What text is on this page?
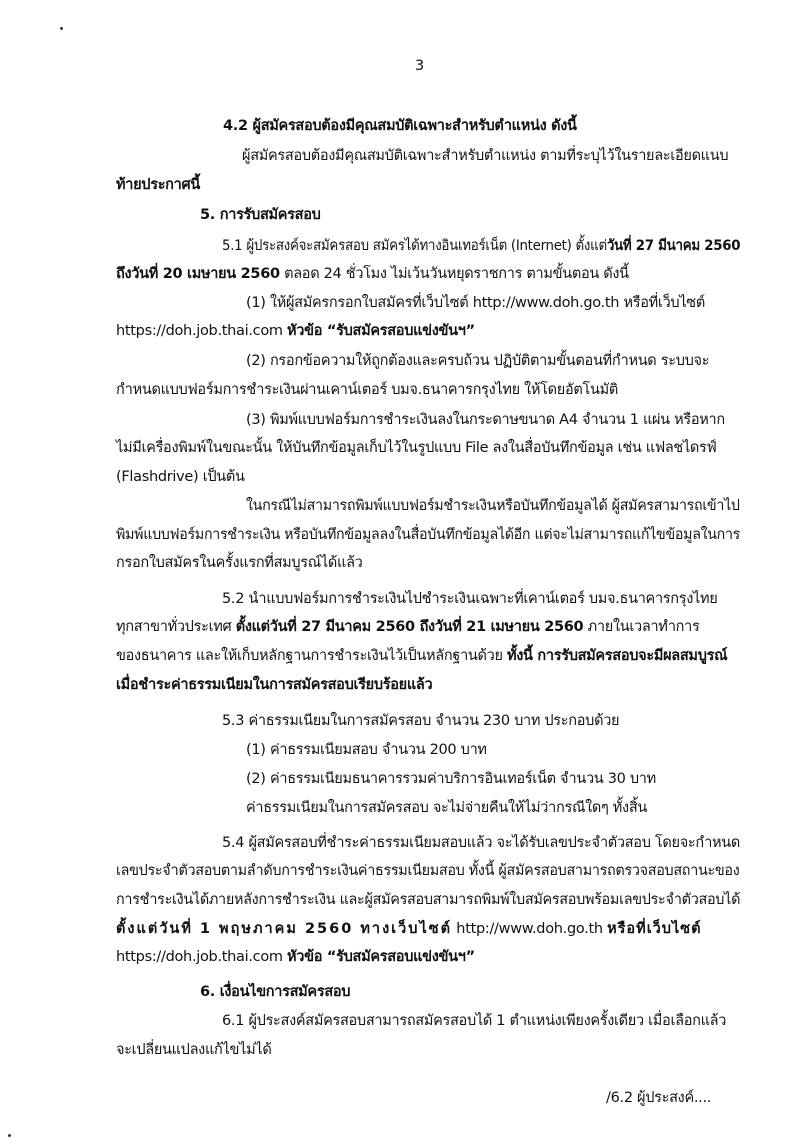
3
4.2 ผู้สมัครสอบต้องมีคุณสมบัติเฉพาะสำหรับตำแหน่ง ดังนี้
ผู้สมัครสอบต้องมีคุณสมบัติเฉพาะสำหรับตำแหน่ง ตามที่ระบุไว้ในรายละเอียดแนบ
ท้ายประกาศนี้
5. การรับสมัครสอบ
5.1 ผู้ประสงค์จะสมัครสอบ สมัครได้ทางอินเทอร์เน็ต (Internet) ตั้งแต่วันที่ 27 มีนาคม 2560
ถึงวันที่ 20 เมษายน 2560 ตลอด 24 ชั่วโมง ไม่เว้นวันหยุดราชการ ตามขั้นตอน ดังนี้
(1) ให้ผู้สมัครกรอกใบสมัครที่เว็บไซต์ http://www.doh.go.th หรือที่เว็บไซต์
https://doh.job.thai.com หัวข้อ “รับสมัครสอบแข่งขันฯ”
(2) กรอกข้อความให้ถูกต้องและครบถ้วน ปฏิบัติตามขั้นตอนที่กำหนด ระบบจะ
กำหนดแบบฟอร์มการชำระเงินผ่านเคาน์เตอร์ บมจ.ธนาคารกรุงไทย ให้โดยอัตโนมัติ
(3) พิมพ์แบบฟอร์มการชำระเงินลงในกระดาษขนาด A4 จำนวน 1 แผ่น หรือหาก
ไม่มีเครื่องพิมพ์ในขณะนั้น ให้บันทึกข้อมูลเก็บไว้ในรูปแบบ File ลงในสื่อบันทึกข้อมูล เช่น แฟลชไดรฟ์
(Flashdrive) เป็นต้น
ในกรณีไม่สามารถพิมพ์แบบฟอร์มชำระเงินหรือบันทึกข้อมูลได้ ผู้สมัครสามารถเข้าไป
พิมพ์แบบฟอร์มการชำระเงิน หรือบันทึกข้อมูลลงในสื่อบันทึกข้อมูลได้อีก แต่จะไม่สามารถแก้ไขข้อมูลในการ
กรอกใบสมัครในครั้งแรกที่สมบูรณ์ได้แล้ว
5.2 นำแบบฟอร์มการชำระเงินไปชำระเงินเฉพาะที่เคาน์เตอร์ บมจ.ธนาคารกรุงไทย
ทุกสาขาทั่วประเทศ ตั้งแต่วันที่ 27 มีนาคม 2560 ถึงวันที่ 21 เมษายน 2560 ภายในเวลาทำการ
ของธนาคาร และให้เก็บหลักฐานการชำระเงินไว้เป็นหลักฐานด้วย ทั้งนี้ การรับสมัครสอบจะมีผลสมบูรณ์
เมื่อชำระค่าธรรมเนียมในการสมัครสอบเรียบร้อยแล้ว
5.3 ค่าธรรมเนียมในการสมัครสอบ จำนวน 230 บาท ประกอบด้วย
(1) ค่าธรรมเนียมสอบ จำนวน 200 บาท
(2) ค่าธรรมเนียมธนาคารรวมค่าบริการอินเทอร์เน็ต จำนวน 30 บาท
ค่าธรรมเนียมในการสมัครสอบ จะไม่จ่ายคืนให้ไม่ว่ากรณีใดๆ ทั้งสิ้น
5.4 ผู้สมัครสอบที่ชำระค่าธรรมเนียมสอบแล้ว จะได้รับเลขประจำตัวสอบ โดยจะกำหนด
เลขประจำตัวสอบตามลำดับการชำระเงินค่าธรรมเนียมสอบ ทั้งนี้ ผู้สมัครสอบสามารถตรวจสอบสถานะของ
การชำระเงินได้ภายหลังการชำระเงิน และผู้สมัครสอบสามารถพิมพ์ใบสมัครสอบพร้อมเลขประจำตัวสอบได้
ตั้งแต่วันที่ 1 พฤษภาคม 2560 ทางเว็บไซต์ http://www.doh.go.th หรือที่เว็บไซต์
https://doh.job.thai.com หัวข้อ “รับสมัครสอบแข่งขันฯ”
6. เงื่อนไขการสมัครสอบ
6.1 ผู้ประสงค์สมัครสอบสามารถสมัครสอบได้ 1 ตำแหน่งเพียงครั้งเดียว เมื่อเลือกแล้ว
จะเปลี่ยนแปลงแก้ไขไม่ได้
/6.2 ผู้ประสงค์....
